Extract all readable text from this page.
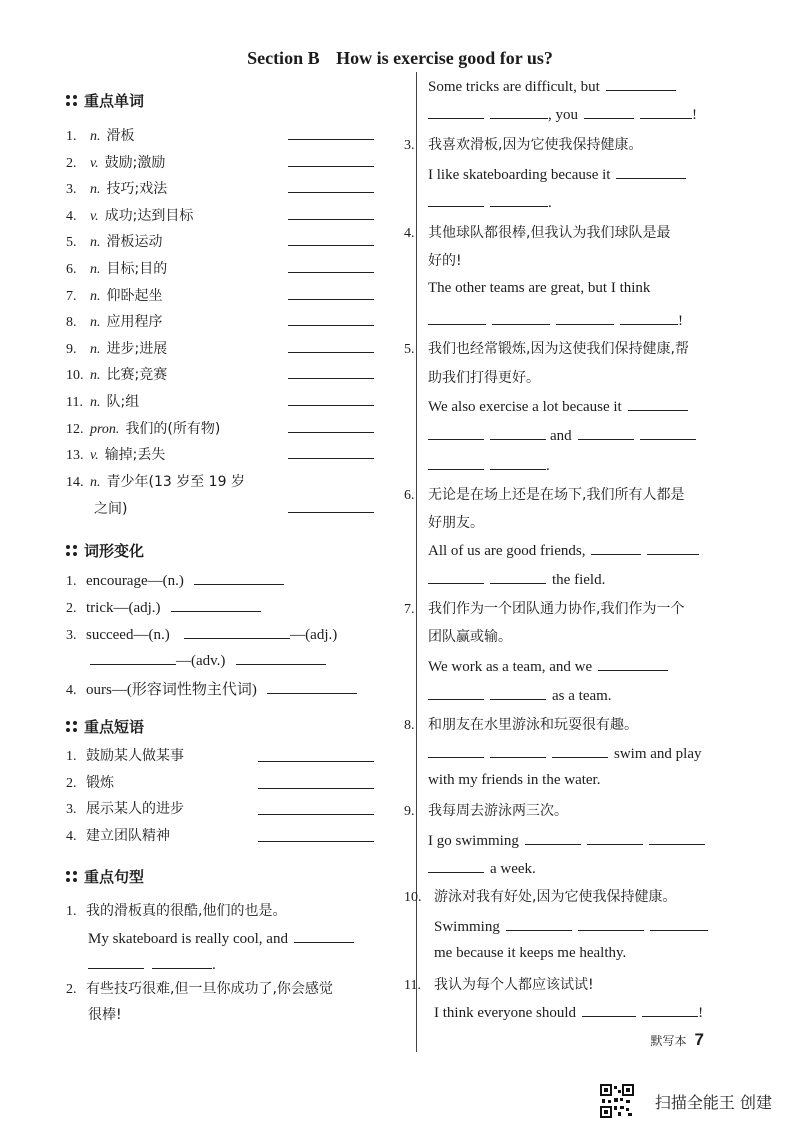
Section B How is exercise good for us?
重点单词
1. n. 滑板
2. v. 鼓励;激励
3. n. 技巧;戏法
4. v. 成功;达到目标
5. n. 滑板运动
6. n. 目标;目的
7. n. 仰卧起坐
8. n. 应用程序
9. n. 进步;进展
10. n. 比赛;竞赛
11. n. 队;组
12. pron. 我们的(所有物)
13. v. 输掉;丢失
14. n. 青少年(13 岁至 19 岁
之间)
词形变化
1. encourage—(n.)
2. trick—(adj.)
3. succeed—(n.)	—(adj.)
—(adv.)
4. ours—(形容词性物主代词)
重点短语
1. 鼓励某人做某事
2. 锻炼
3. 展示某人的进步
4. 建立团队精神
重点句型
1. 我的滑板真的很酷,他们的也是。
My skateboard is really cool, and
.
2. 有些技巧很难,但一旦你成功了,你会感觉
很棒!
Some tricks are difficult, but
, you	!
3. 我喜欢滑板,因为它使我保持健康。
I like skateboarding because it
.
4. 其他球队都很棒,但我认为我们球队是最
好的!
The other teams are great, but I think
!
5. 我们也经常锻炼,因为这使我们保持健康,帮
助我们打得更好。
We also exercise a lot because it
and
.
6. 无论是在场上还是在场下,我们所有人都是
好朋友。
All of us are good friends,
the field.
7. 我们作为一个团队通力协作,我们作为一个
团队赢或输。
We work as a team, and we
as a team.
8. 和朋友在水里游泳和玩耍很有趣。
swim and play
with my friends in the water.
9. 我每周去游泳两三次。
I go swimming
a week.
10. 游泳对我有好处,因为它使我保持健康。
Swimming
me because it keeps me healthy.
11. 我认为每个人都应该试试!
I think everyone should	!
默写本 7
扫描全能王 创建
